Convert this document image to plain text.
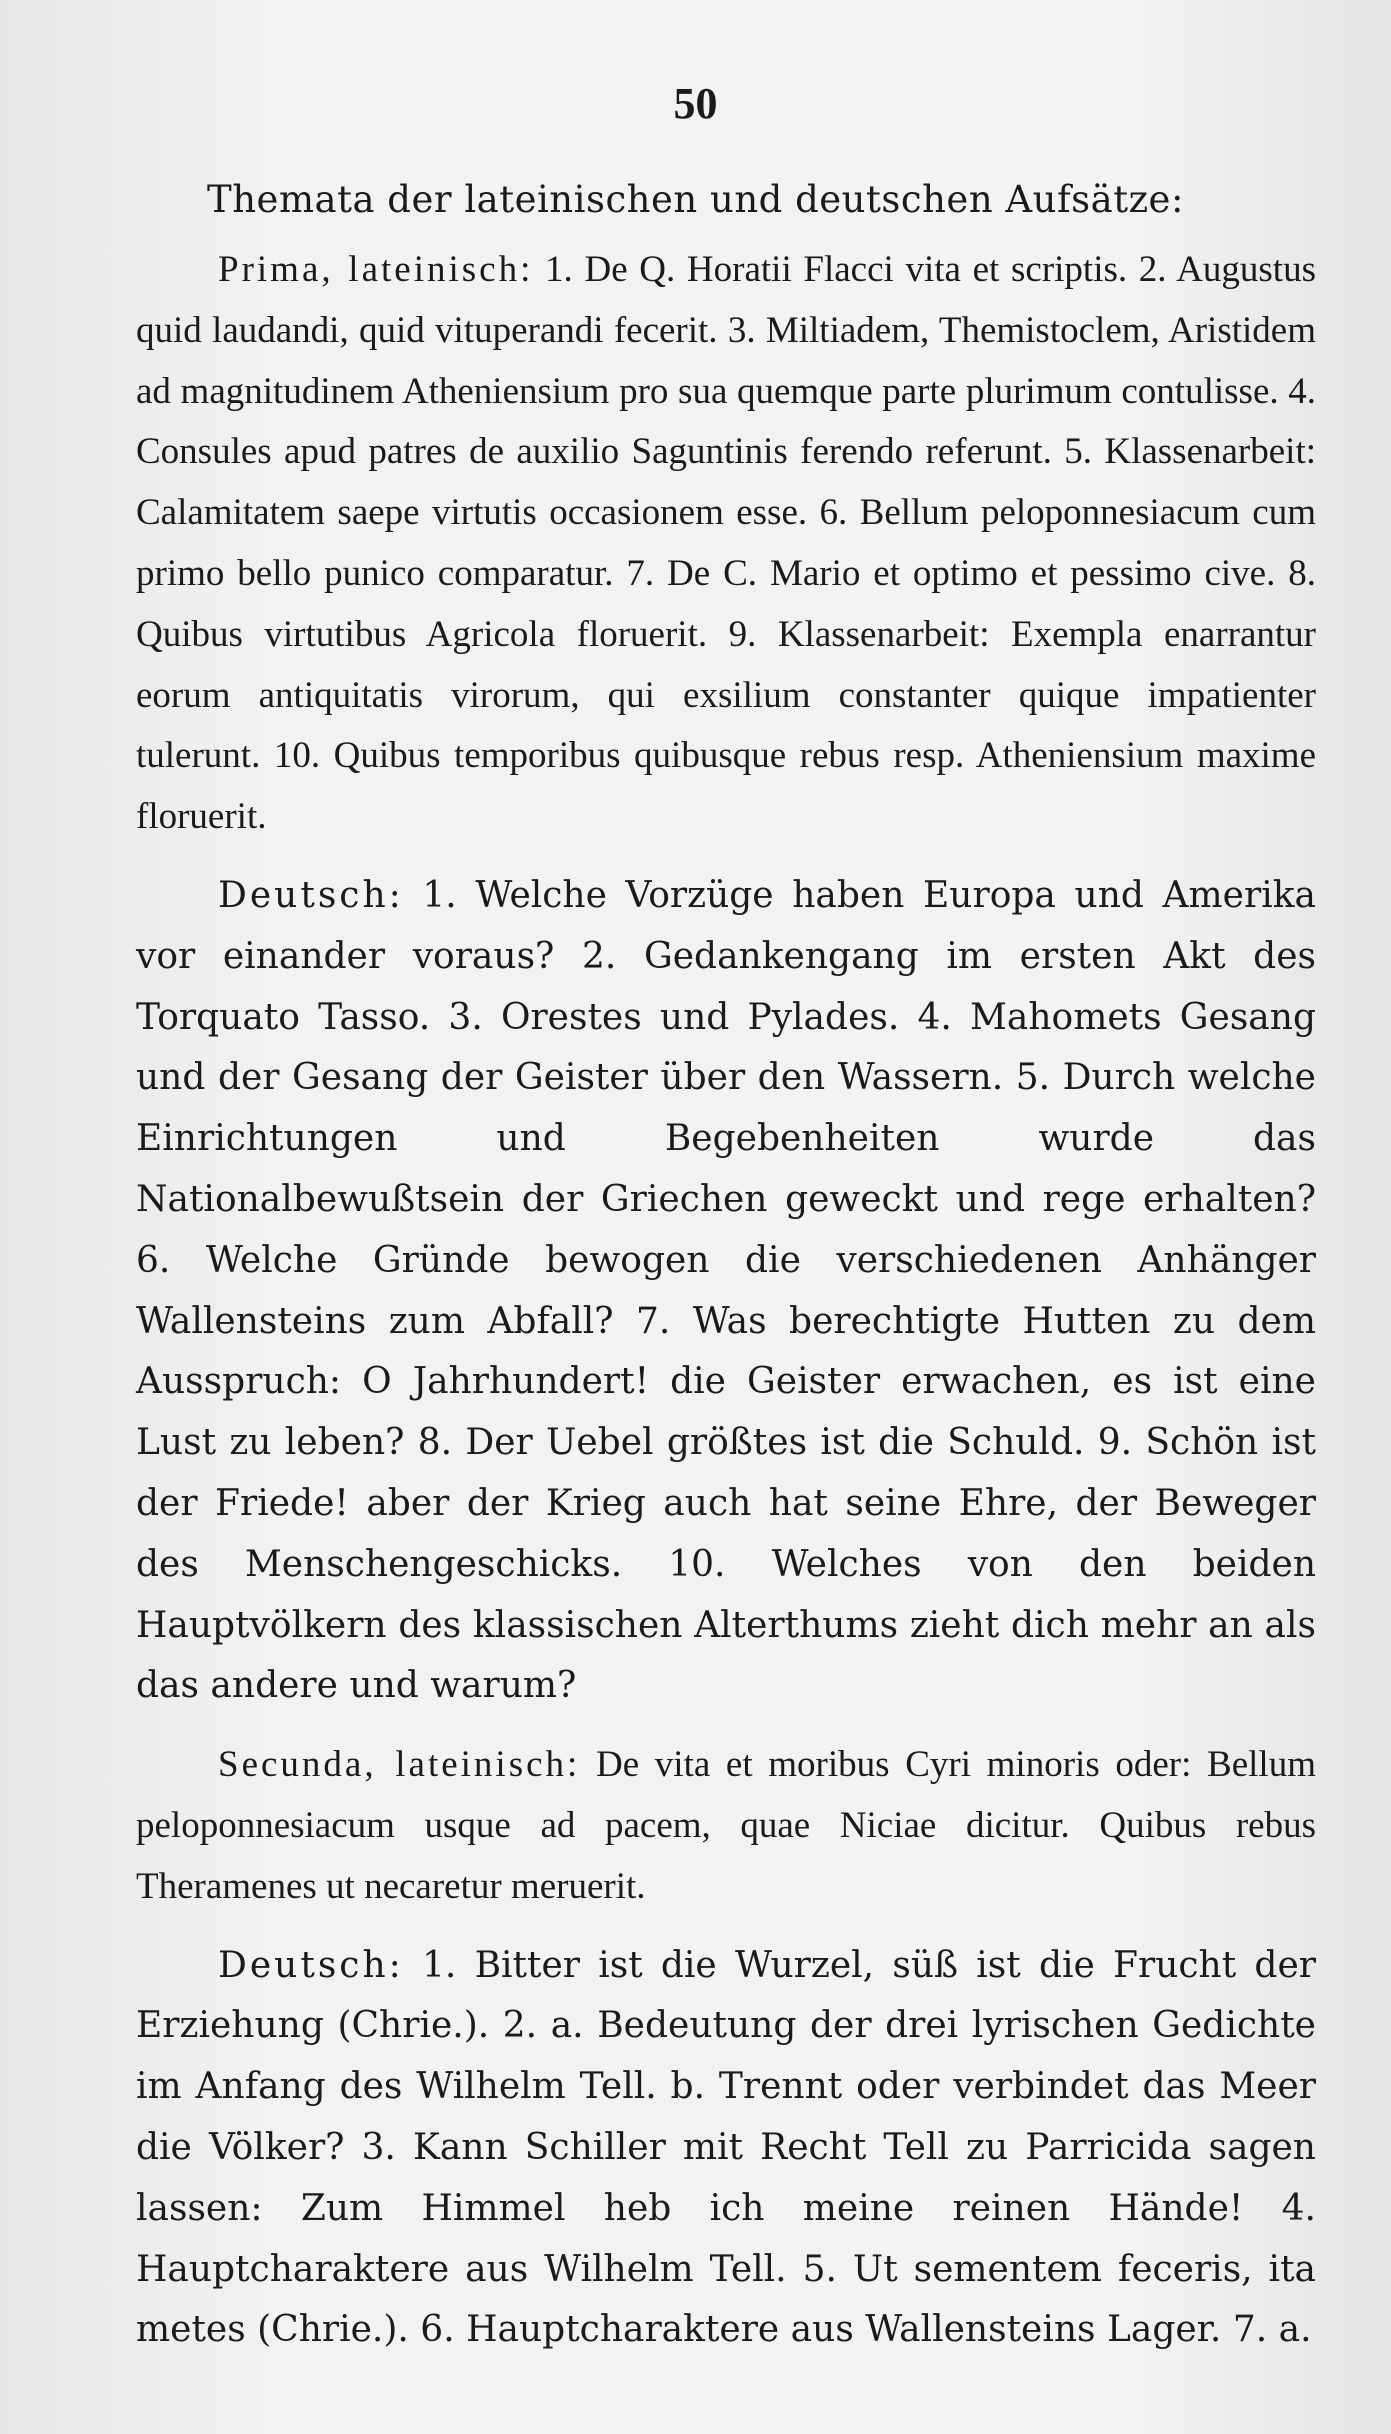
50
Themata der lateinischen und deutschen Aufsätze:

Prima, lateinisch: 1. De Q. Horatii Flacci vita et scriptis. 2. Augustus quid laudandi, quid vituperandi fecerit. 3. Miltiadem, Themistoclem, Aristidem ad magnitudinem Atheniensium pro sua quemque parte plurimum contulisse. 4. Consules apud patres de auxilio Saguntinis ferendo referunt. 5. Klassenarbeit: Calamitatem saepe virtutis occasionem esse. 6. Bellum peloponnesiacum cum primo bello punico comparatur. 7. De C. Mario et optimo et pessimo cive. 8. Quibus virtutibus Agricola floruerit. 9. Klassenarbeit: Exempla enarrantur eorum antiquitatis virorum, qui exsilium constanter quique impatienter tulerunt. 10. Quibus temporibus quibusque rebus resp. Atheniensium maxime floruerit.

Deutsch: 1. Welche Vorzüge haben Europa und Amerika vor einander voraus? 2. Gedankengang im ersten Akt des Torquato Tasso. 3. Orestes und Pylades. 4. Mahomets Gesang und der Gesang der Geister über den Wassern. 5. Durch welche Einrichtungen und Begebenheiten wurde das Nationalbewußtsein der Griechen geweckt und rege erhalten? 6. Welche Gründe bewogen die verschiedenen Anhänger Wallensteins zum Abfall? 7. Was berechtigte Hutten zu dem Ausspruch: O Jahrhundert! die Geister erwachen, es ist eine Lust zu leben? 8. Der Uebel größtes ist die Schuld. 9. Schön ist der Friede! aber der Krieg auch hat seine Ehre, der Beweger des Menschengeschicks. 10. Welches von den beiden Hauptvölkern des klassischen Alterthums zieht dich mehr an als das andere und warum?

Secunda, lateinisch: De vita et moribus Cyri minoris oder: Bellum peloponnesiacum usque ad pacem, quae Niciae dicitur. Quibus rebus Theramenes ut necaretur meruerit.

Deutsch: 1. Bitter ist die Wurzel, süß ist die Frucht der Erziehung (Chrie.). 2. a. Bedeutung der drei lyrischen Gedichte im Anfang des Wilhelm Tell. b. Trennt oder verbindet das Meer die Völker? 3. Kann Schiller mit Recht Tell zu Parricida sagen lassen: Zum Himmel heb ich meine reinen Hände! 4. Hauptcharaktere aus Wilhelm Tell. 5. Ut sementem feceris, ita metes (Chrie.). 6. Hauptcharaktere aus Wallensteins Lager. 7. a.
